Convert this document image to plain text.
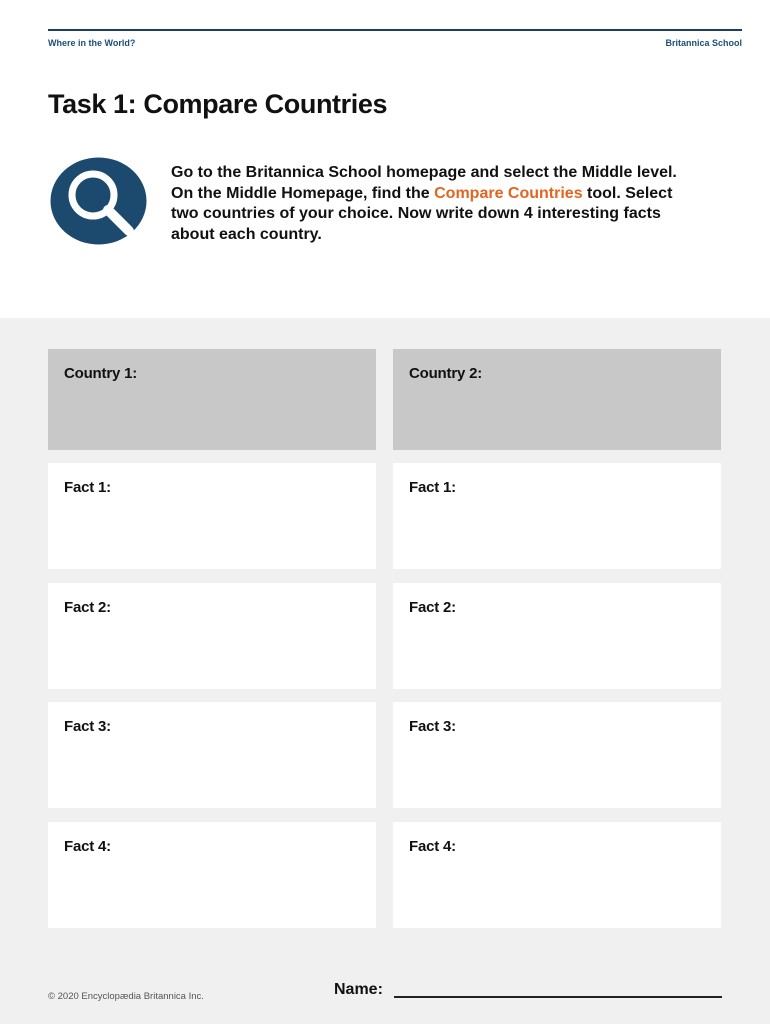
Where in the World?	Britannica School
Task 1: Compare Countries

Go to the Britannica School homepage and select the Middle level. On the Middle Homepage, find the Compare Countries tool. Select two countries of your choice. Now write down 4 interesting facts about each country.

Country 1:
Fact 1:
Fact 2:
Fact 3:
Fact 4:
Country 2:
Fact 1:
Fact 2:
Fact 3:
Fact 4:
© 2020 Encyclopædia Britannica Inc.	Name:
